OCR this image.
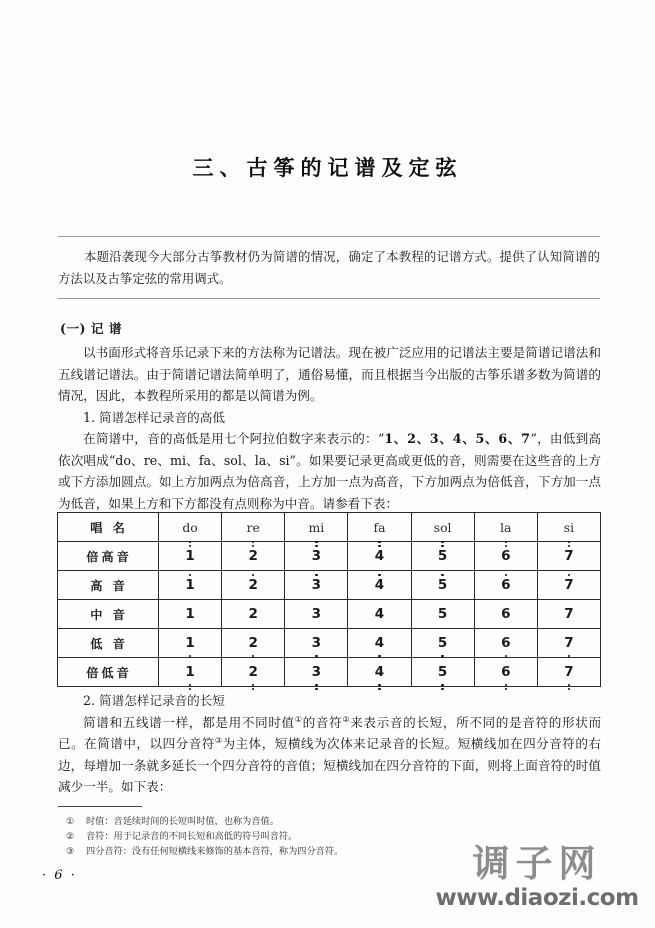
三、古筝的记谱及定弦

本题沿袭现今大部分古筝教材仍为简谱的情况，确定了本教程的记谱方式。提供了认知简谱的方法以及古筝定弦的常用调式。

(一) 记 谱

以书面形式将音乐记录下来的方法称为记谱法。现在被广泛应用的记谱法主要是简谱记谱法和五线谱记谱法。由于简谱记谱法简单明了，通俗易懂，而且根据当今出版的古筝乐谱多数为简谱的情况，因此，本教程所采用的都是以简谱为例。

1. 简谱怎样记录音的高低

在简谱中，音的高低是用七个阿拉伯数字来表示的：“1、2、3、4、5、6、7”，由低到高依次唱成“do、re、mi、fa、sol、la、si”。如果要记录更高或更低的音，则需要在这些音的上方或下方添加圆点。如上方加两点为倍高音，上方加一点为高音，下方加两点为倍低音，下方加一点为低音，如果上方和下方都没有点则称为中音。请参看下表：

唱 名	do	re	mi	fa	sol	la	si
倍高音	1	2	3	4	5	6	7

高 音	1	2	3	4	5	6	7

中 音	1	2	3	4	5	6	7
低 音	1	2	3	4	5	6	7

倍低音	1	2	3	4	5	6	7

2. 简谱怎样记录音的长短

简谱和五线谱一样，都是用不同时值①的音符②来表示音的长短，所不同的是音符的形状而已。在简谱中，以四分音符③为主体，短横线为次体来记录音的长短。短横线加在四分音符的右边，每增加一条就多延长一个四分音符的音值；短横线加在四分音符的下面，则将上面音符的时值减少一半。如下表：

① 时值：音延续时间的长短叫时值，也称为音值。
② 音符：用于记录音的不同长短和高低的符号叫音符。
③ 四分音符：没有任何短横线来修饰的基本音符，称为四分音符。
· 6 ·	调子网
www.diaozi.com
